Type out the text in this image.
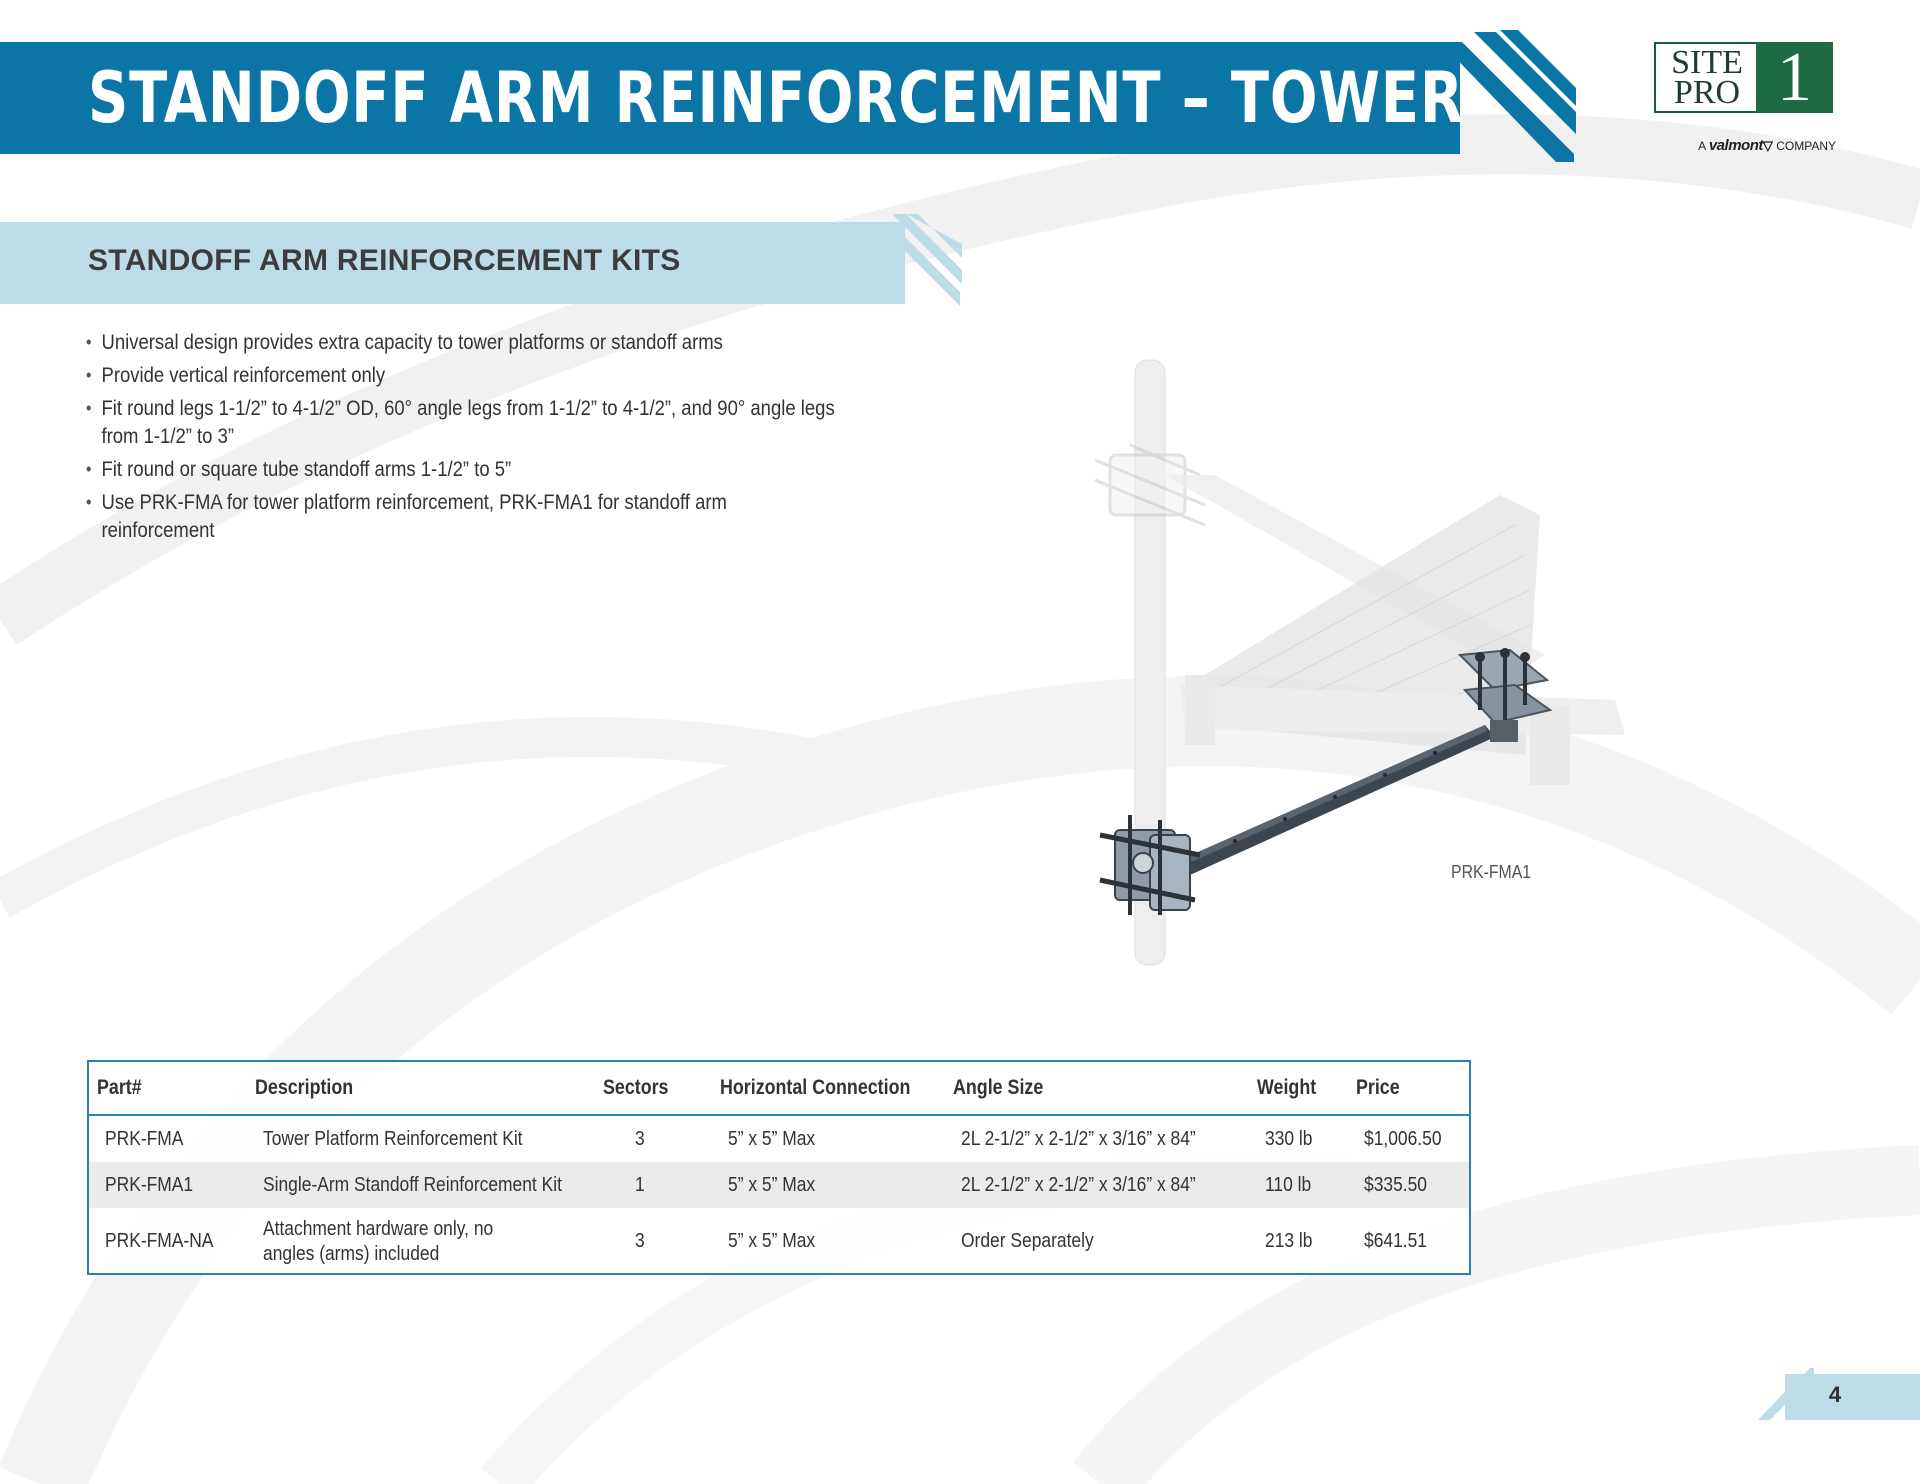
STANDOFF ARM REINFORCEMENT – TOWER	SITE
PRO 1
A valmont▽ COMPANY
STANDOFF ARM REINFORCEMENT KITS
• Universal design provides extra capacity to tower platforms or standoff arms
• Provide vertical reinforcement only
• Fit round legs 1-1/2” to 4-1/2” OD, 60° angle legs from 1-1/2” to 4-1/2”, and 90° angle legs from 1-1/2” to 3”
• Fit round or square tube standoff arms 1-1/2” to 5”
• Use PRK-FMA for tower platform reinforcement, PRK-FMA1 for standoff arm reinforcement
PRK-FMA1
Part#	Description	Sectors	Horizontal Connection	Angle Size	Weight	Price
PRK-FMA	Tower Platform Reinforcement Kit	3	5” x 5” Max	2L 2-1/2” x 2-1/2” x 3/16” x 84”	330 lb	$1,006.50
PRK-FMA1	Single-Arm Standoff Reinforcement Kit	1	5” x 5” Max	2L 2-1/2” x 2-1/2” x 3/16” x 84”	110 lb	$335.50
PRK-FMA-NA	Attachment hardware only, no angles (arms) included	3	5” x 5” Max	Order Separately	213 lb	$641.51
4
